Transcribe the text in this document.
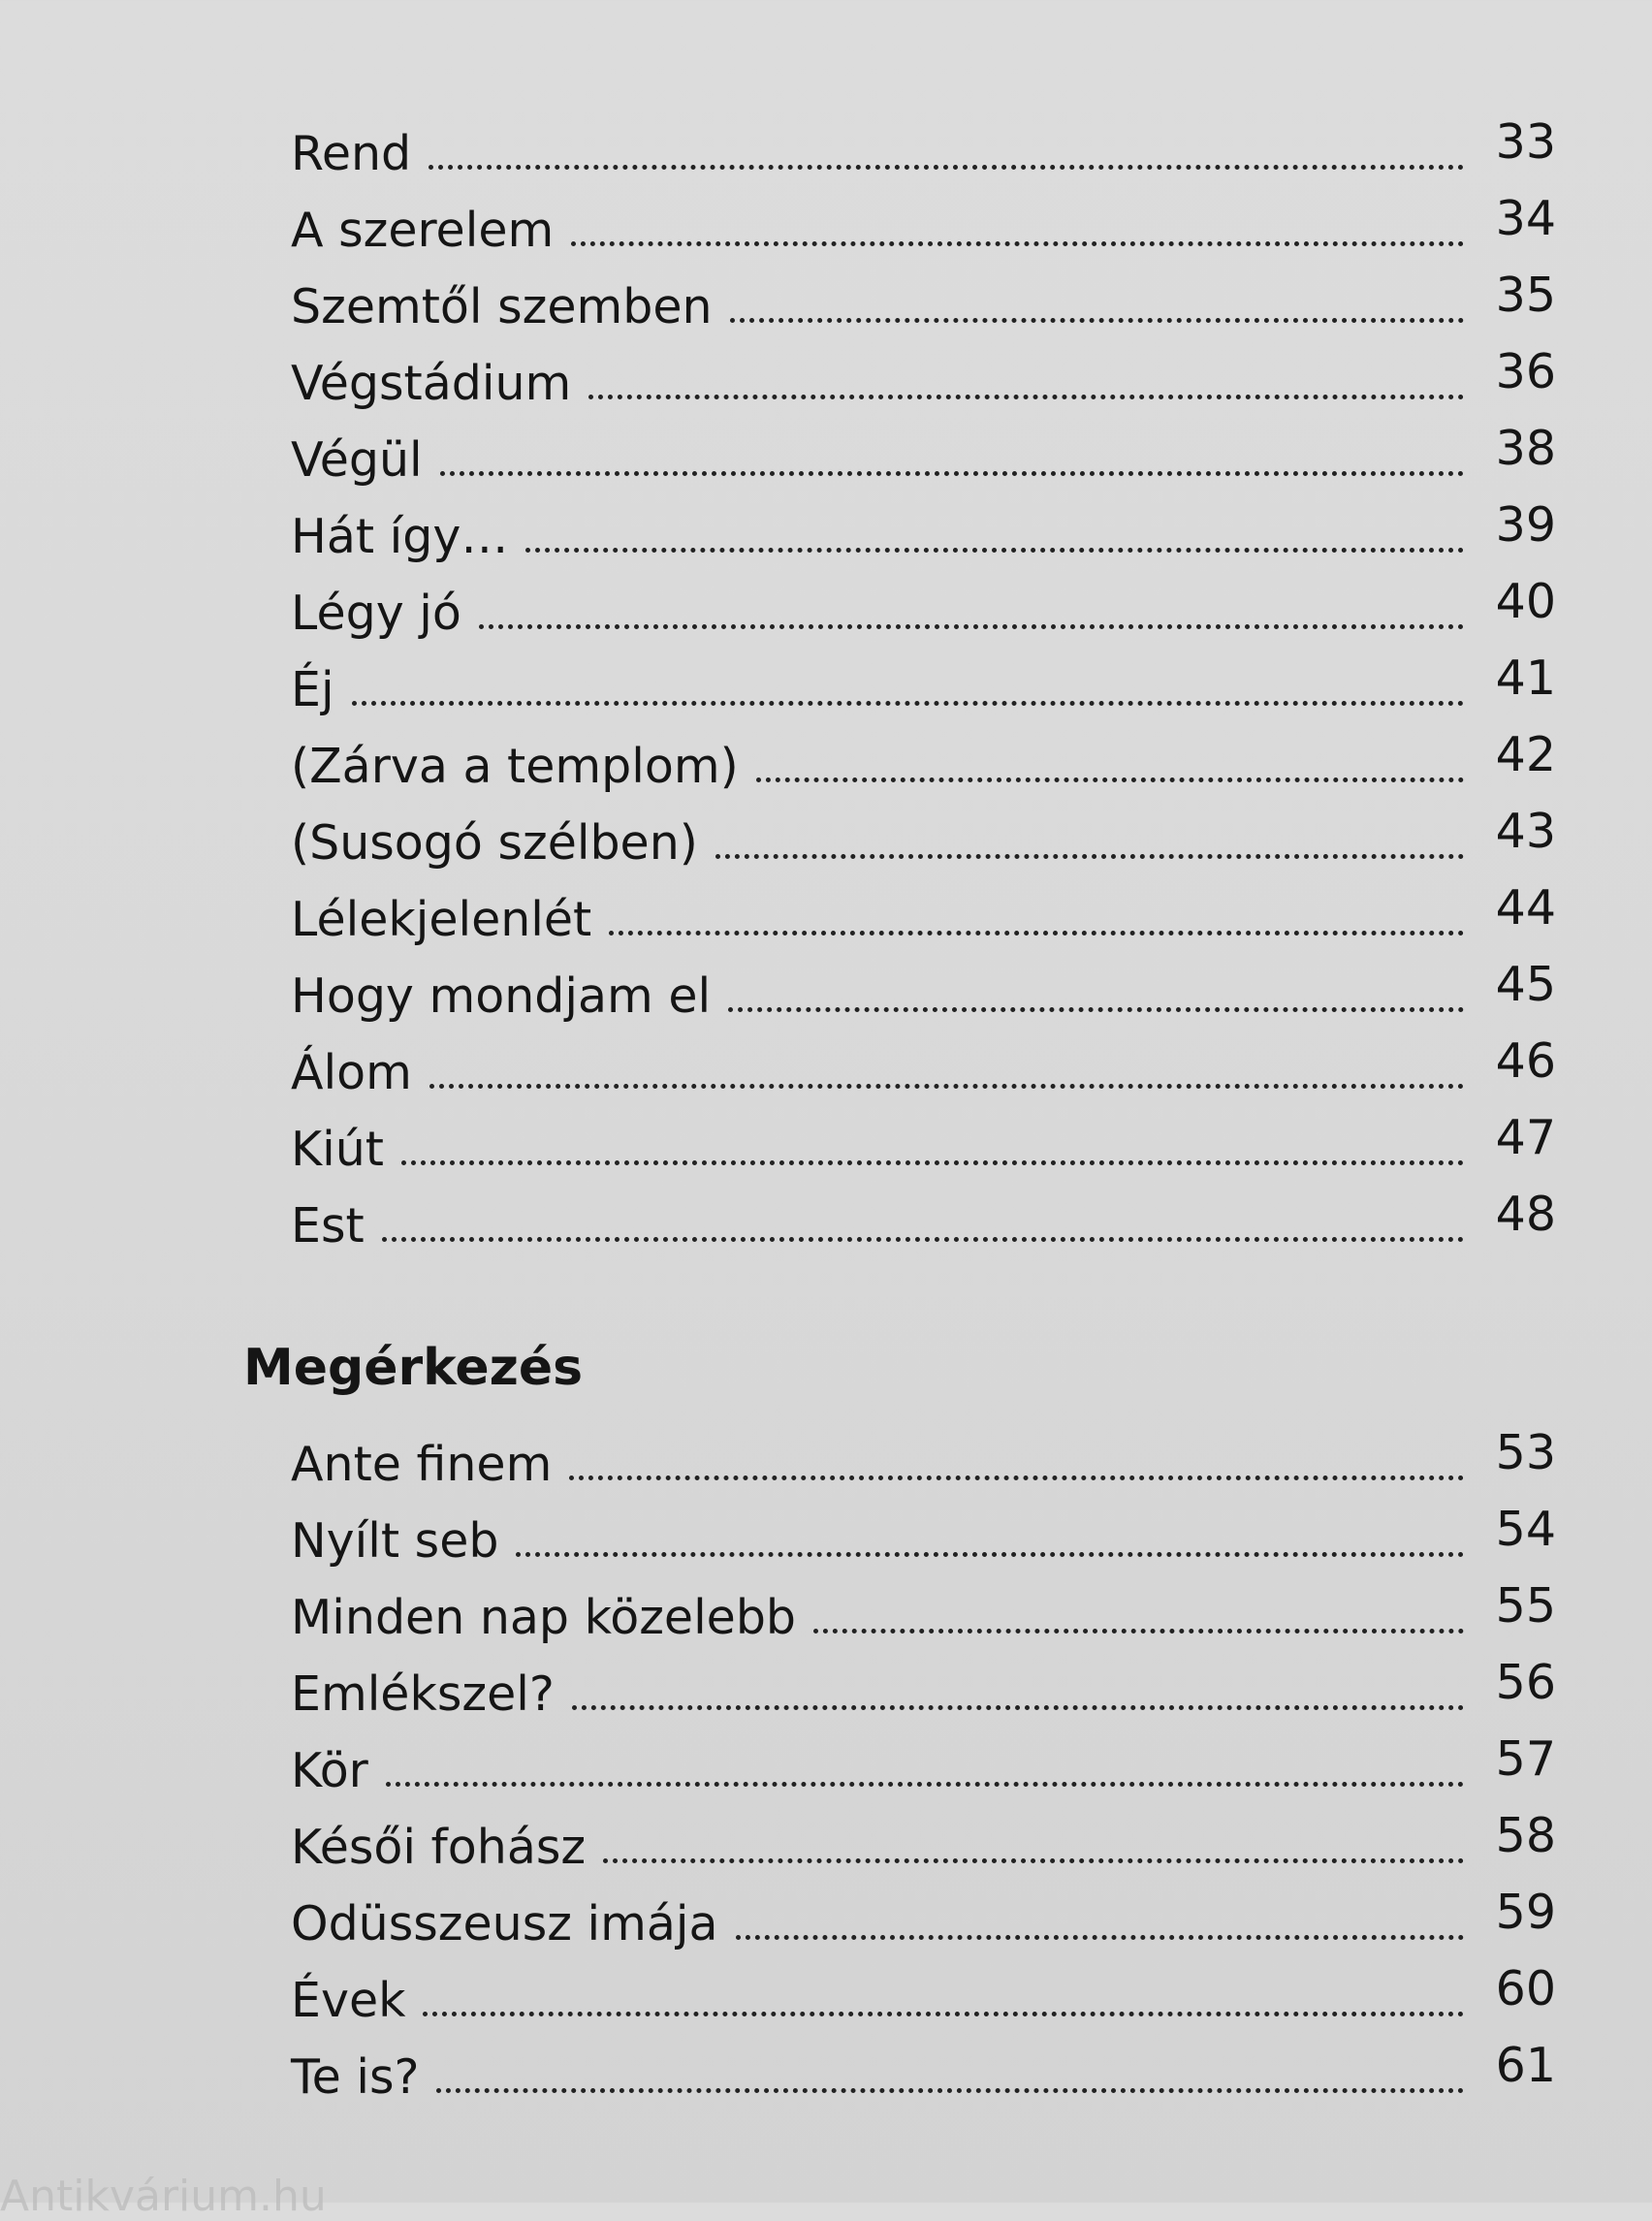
Rend	33
A szerelem	34
Szemtől szemben	35
Végstádium	36
Végül	38
Hát így…	39
Légy jó	40
Éj	41
(Zárva a templom)	42
(Susogó szélben)	43
Lélekjelenlét	44
Hogy mondjam el	45
Álom	46
Kiút	47
Est	48
Megérkezés
Ante finem	53
Nyílt seb	54
Minden nap közelebb	55
Emlékszel?	56
Kör	57
Késői fohász	58
Odüsszeusz imája	59
Évek	60
Te is?	61

Antikvárium.hu
